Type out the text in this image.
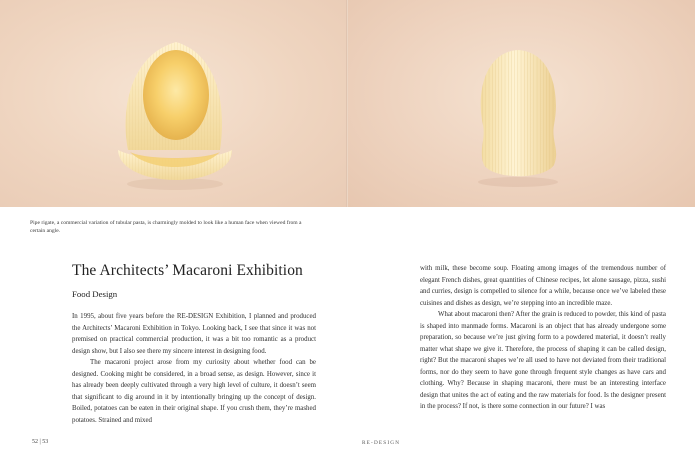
Pipe rigate, a commercial variation of tubular pasta, is charmingly molded to look like a human face when viewed from a certain angle.
The Architects’ Macaroni Exhibition
Food Design

In 1995, about five years before the RE-DESIGN Exhibition, I planned and produced the Architects’ Macaroni Exhibition in Tokyo. Looking back, I see that since it was not premised on practical commercial production, it was a bit too romantic as a product design show, but I also see there my sincere interest in designing food.

The macaroni project arose from my curiosity about whether food can be designed. Cooking might be considered, in a broad sense, as design. However, since it has already been deeply cultivated through a very high level of culture, it doesn’t seem that significant to dig around in it by intentionally bringing up the concept of design. Boiled, potatoes can be eaten in their original shape. If you crush them, they’re mashed potatoes. Strained and mixed

with milk, these become soup. Floating among images of the tremendous number of elegant French dishes, great quantities of Chinese recipes, let alone sausage, pizza, sushi and curries, design is compelled to silence for a while, because once we’ve labeled these cuisines and dishes as design, we’re stepping into an incredible maze.

What about macaroni then? After the grain is reduced to powder, this kind of pasta is shaped into manmade forms. Macaroni is an object that has already undergone some preparation, so because we’re just giving form to a powdered material, it doesn’t really matter what shape we give it. Therefore, the process of shaping it can be called design, right? But the macaroni shapes we’re all used to have not deviated from their traditional forms, nor do they seem to have gone through frequent style changes as have cars and clothing. Why? Because in shaping macaroni, there must be an interesting interface design that unites the act of eating and the raw materials for food. Is the designer present in the process? If not, is there some connection in our future? I was

52 | 53	RE-DESIGN
